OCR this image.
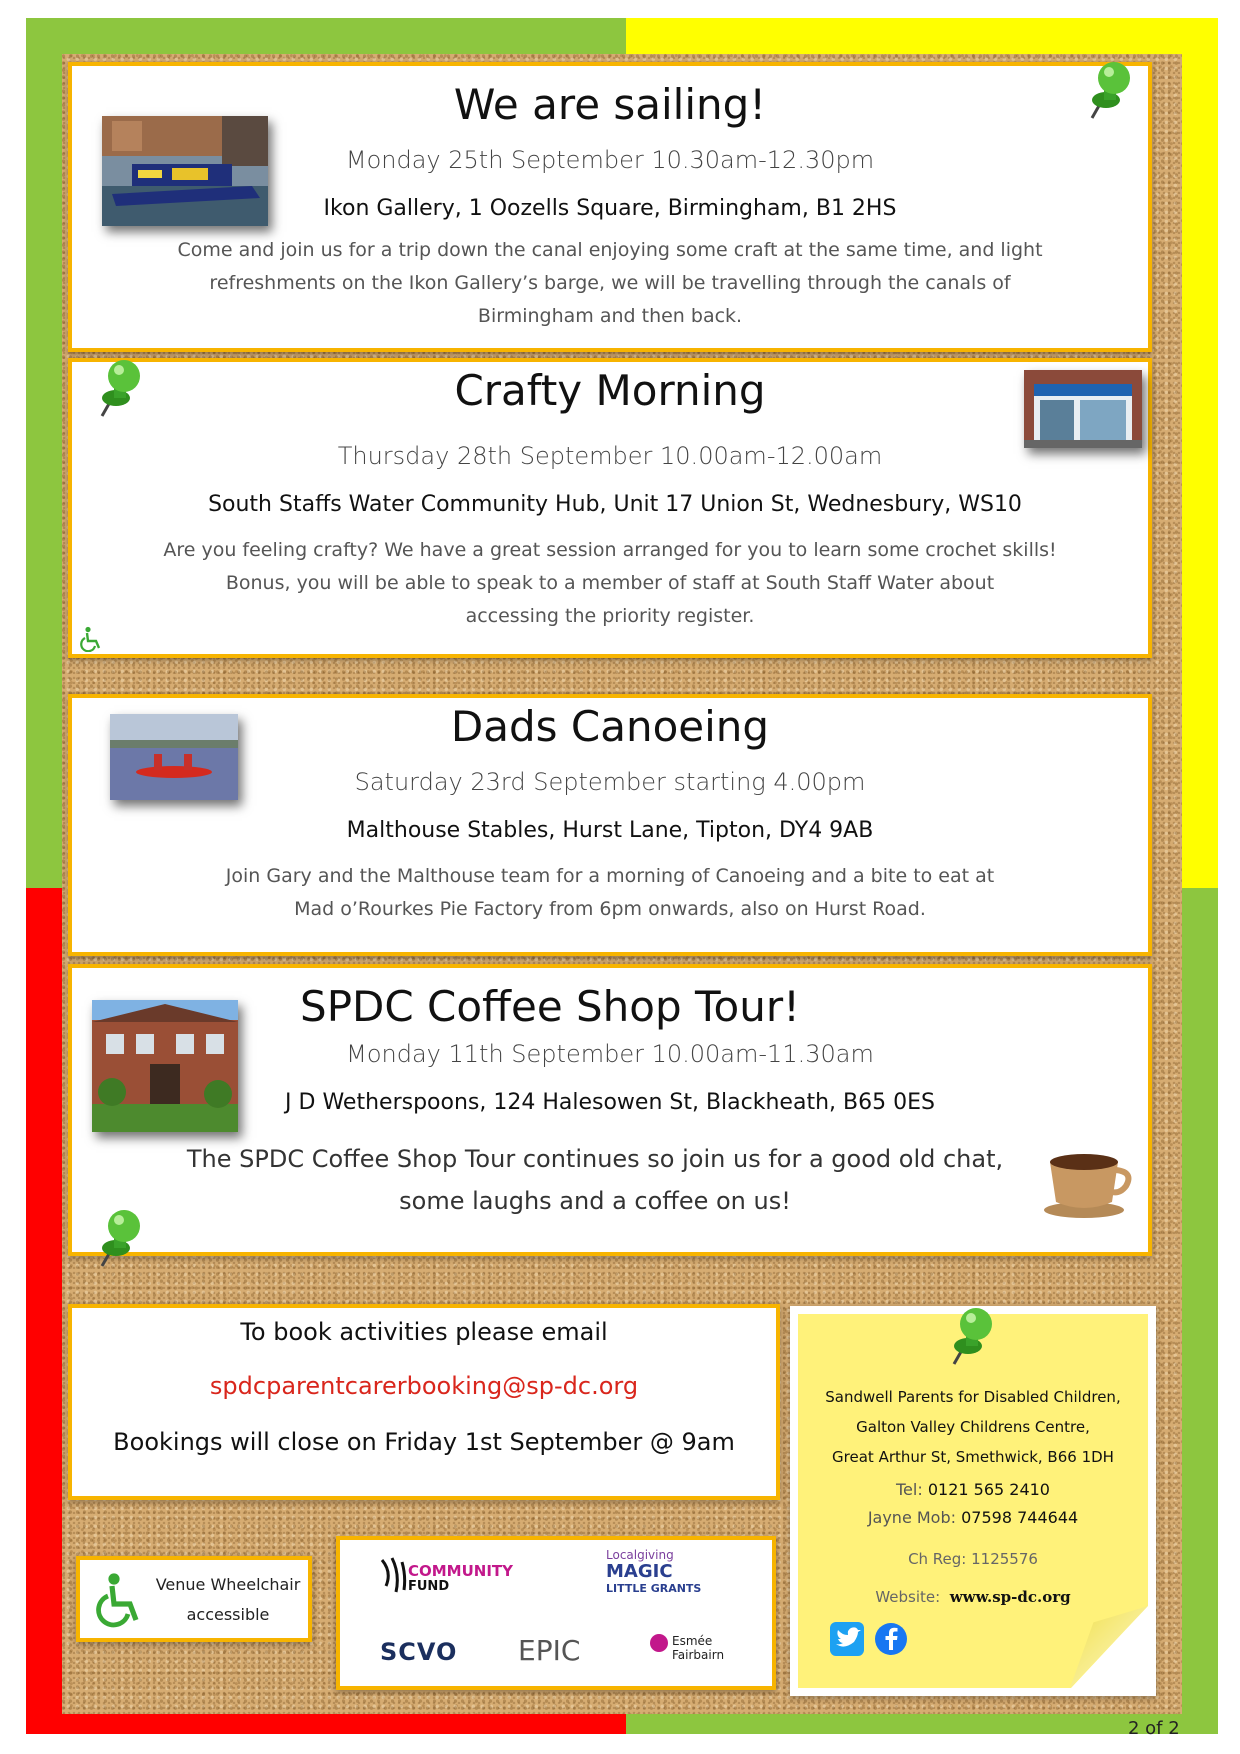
We are sailing!
Monday 25th September 10.30am-12.30pm
Ikon Gallery, 1 Oozells Square, Birmingham, B1 2HS
Come and join us for a trip down the canal enjoying some craft at the same time, and light
refreshments on the Ikon Gallery’s barge, we will be travelling through the canals of
Birmingham and then back.
Crafty Morning
Thursday 28th September 10.00am-12.00am
South Staffs Water Community Hub, Unit 17 Union St, Wednesbury, WS10
Are you feeling crafty? We have a great session arranged for you to learn some crochet skills!
Bonus, you will be able to speak to a member of staff at South Staff Water about
accessing the priority register.
Dads Canoeing
Saturday 23rd September starting 4.00pm
Malthouse Stables, Hurst Lane, Tipton, DY4 9AB
Join Gary and the Malthouse team for a morning of Canoeing and a bite to eat at
Mad o’Rourkes Pie Factory from 6pm onwards, also on Hurst Road.
SPDC Coffee Shop Tour!
Monday 11th September 10.00am-11.30am
J D Wetherspoons, 124 Halesowen St, Blackheath, B65 0ES
The SPDC Coffee Shop Tour continues so join us for a good old chat,
some laughs and a coffee on us!
To book activities please email
spdcparentcarerbooking@sp-dc.org
Bookings will close on Friday 1st September @ 9am
Venue Wheelchair
accessible
COMMUNITY
FUND
Localgiving
MAGIC
LITTLE GRANTS
SCVO EPIC	Esmée
Fairbairn
Sandwell Parents for Disabled Children,
Galton Valley Childrens Centre,
Great Arthur St, Smethwick, B66 1DH
Tel: 0121 565 2410
Jayne Mob: 07598 744644
Ch Reg: 1125576
Website: www.sp-dc.org
2 of 2
